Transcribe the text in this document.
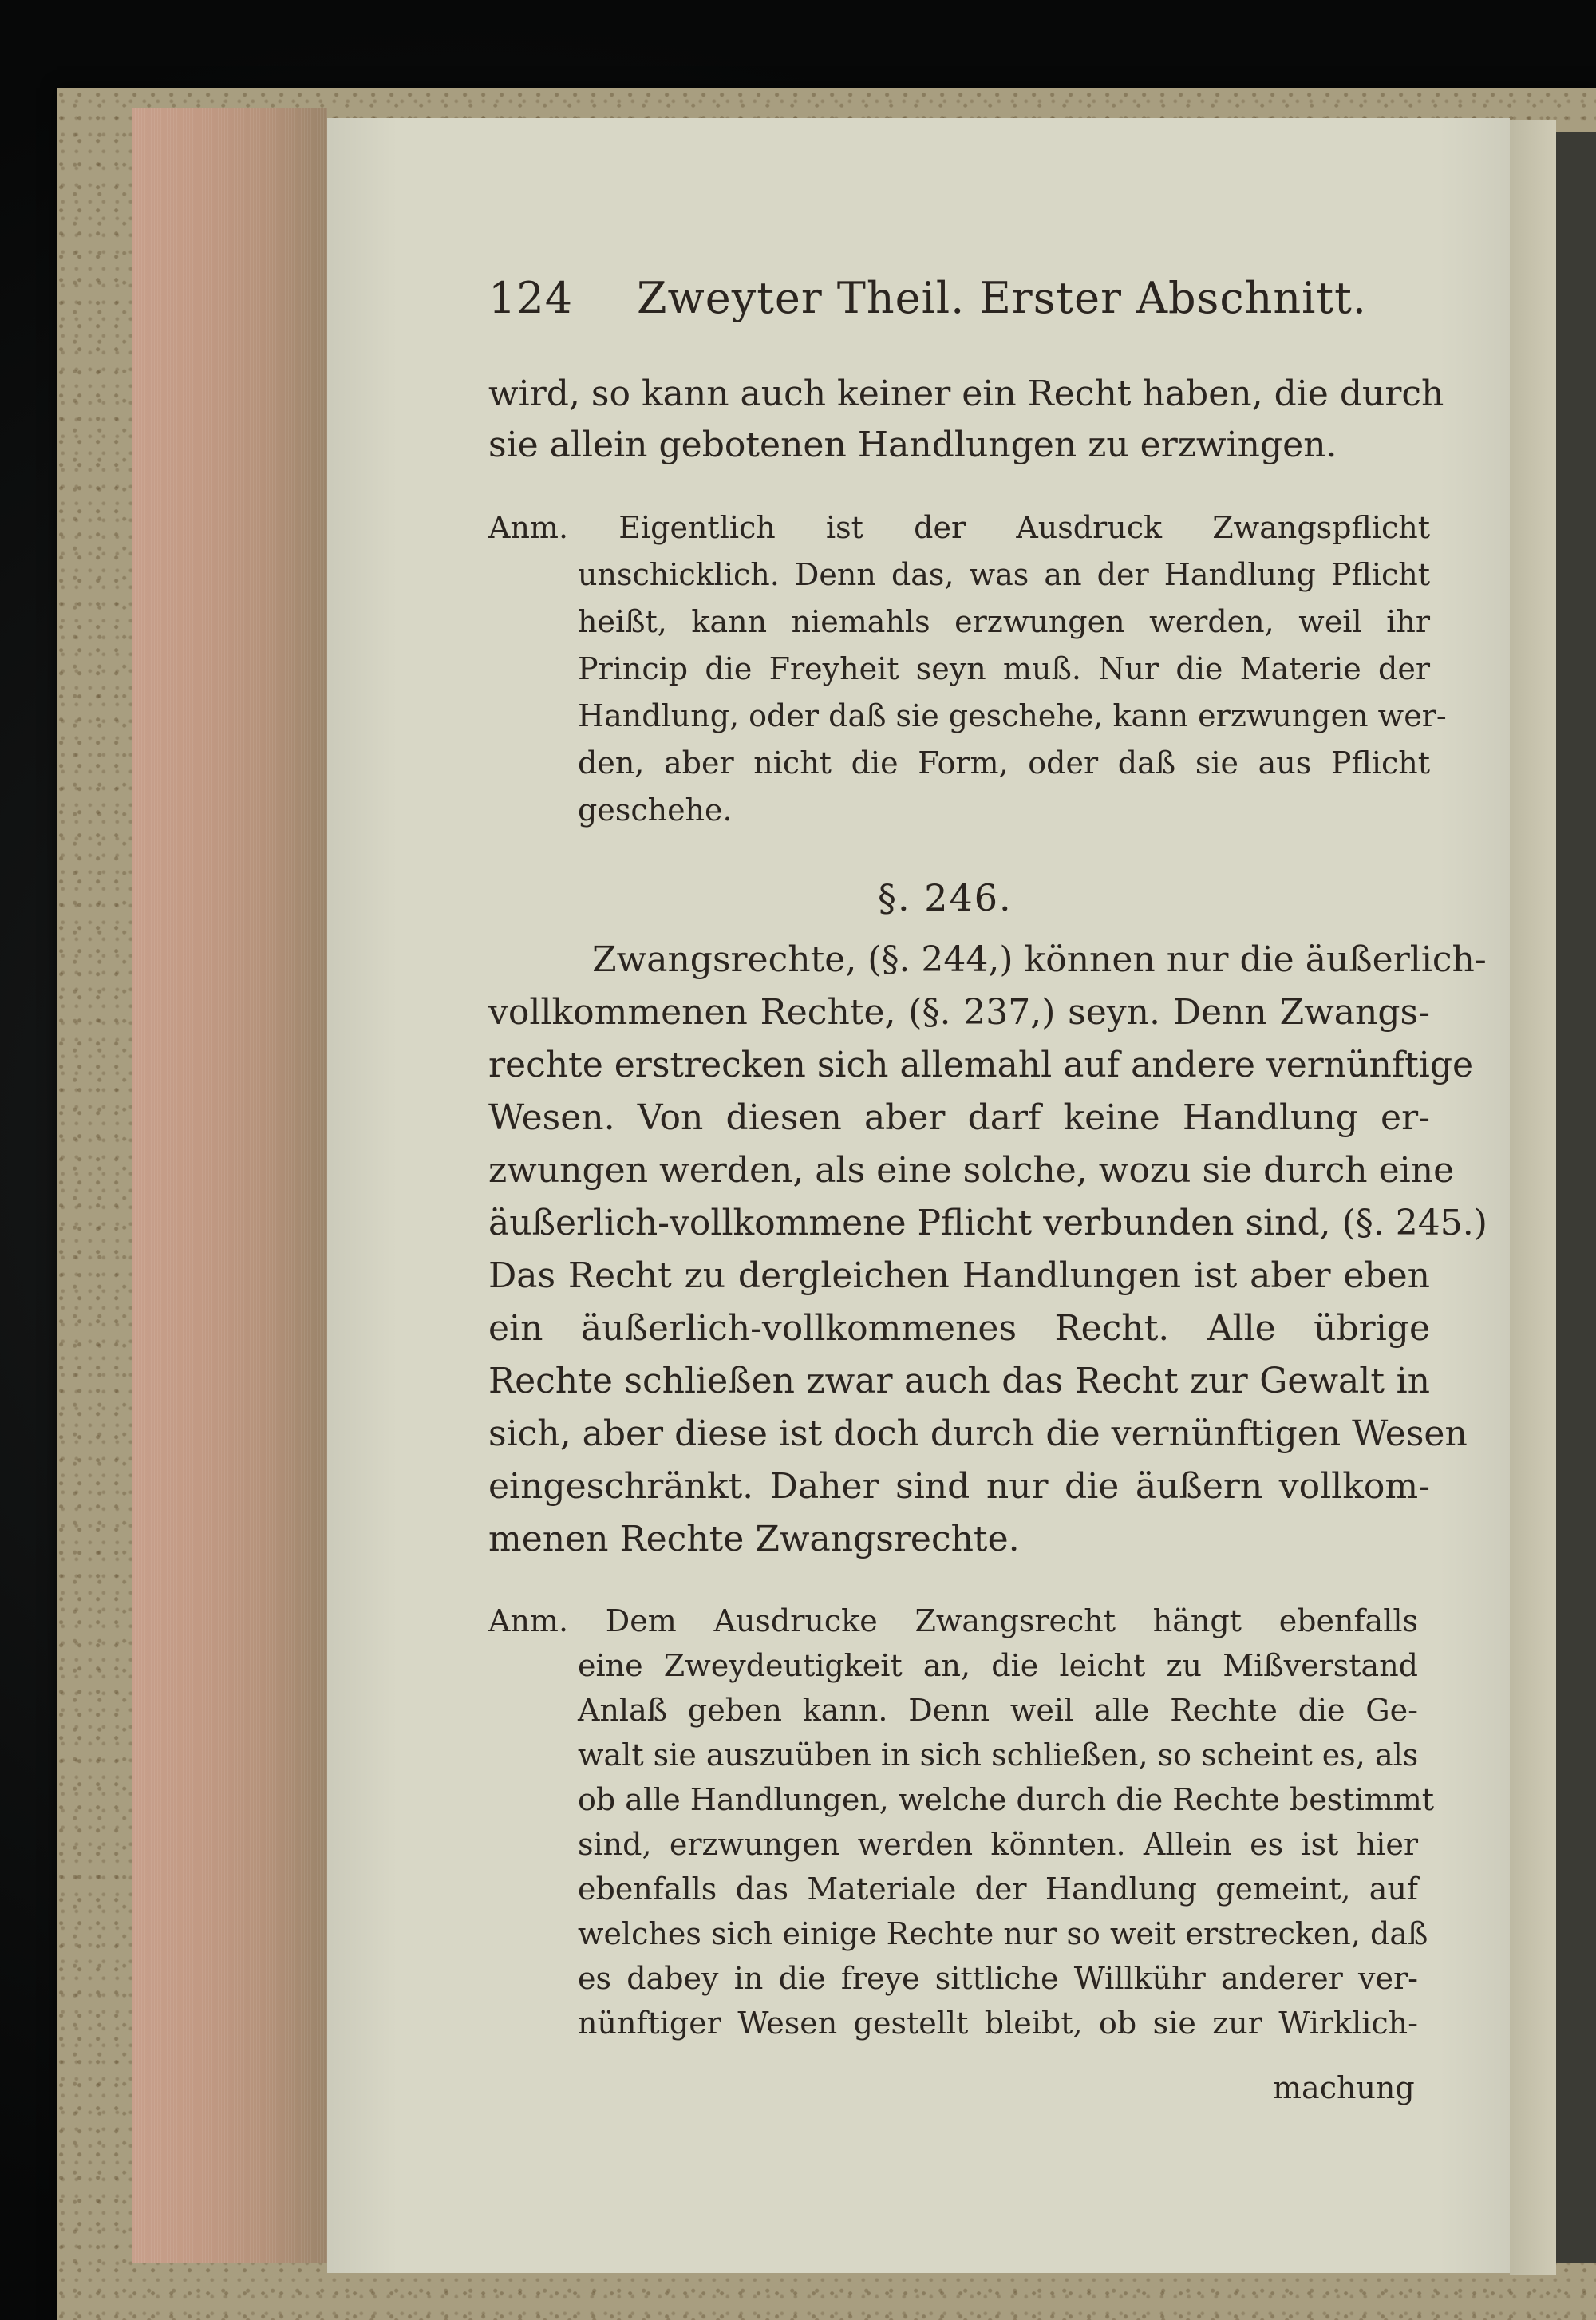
124	Zweyter Theil. Erster Abschnitt.
wird, so kann auch keiner ein Recht haben, die durch
sie allein gebotenen Handlungen zu erzwingen.
Anm. Eigentlich ist der Ausdruck Zwangspflicht
unschicklich. Denn das, was an der Handlung Pflicht
heißt, kann niemahls erzwungen werden, weil ihr
Princip die Freyheit seyn muß. Nur die Materie der
Handlung, oder daß sie geschehe, kann erzwungen wer-
den, aber nicht die Form, oder daß sie aus Pflicht
geschehe.
§. 246.
Zwangsrechte, (§. 244,) können nur die äußerlich-
vollkommenen Rechte, (§. 237,) seyn. Denn Zwangs-
rechte erstrecken sich allemahl auf andere vernünftige
Wesen. Von diesen aber darf keine Handlung er-
zwungen werden, als eine solche, wozu sie durch eine
äußerlich-vollkommene Pflicht verbunden sind, (§. 245.)
Das Recht zu dergleichen Handlungen ist aber eben
ein äußerlich-vollkommenes Recht. Alle übrige
Rechte schließen zwar auch das Recht zur Gewalt in
sich, aber diese ist doch durch die vernünftigen Wesen
eingeschränkt. Daher sind nur die äußern vollkom-
menen Rechte Zwangsrechte.
Anm. Dem Ausdrucke Zwangsrecht hängt ebenfalls
eine Zweydeutigkeit an, die leicht zu Mißverstand
Anlaß geben kann. Denn weil alle Rechte die Ge-
walt sie auszuüben in sich schließen, so scheint es, als
ob alle Handlungen, welche durch die Rechte bestimmt
sind, erzwungen werden könnten. Allein es ist hier
ebenfalls das Materiale der Handlung gemeint, auf
welches sich einige Rechte nur so weit erstrecken, daß
es dabey in die freye sittliche Willkühr anderer ver-
nünftiger Wesen gestellt bleibt, ob sie zur Wirklich-
machung
